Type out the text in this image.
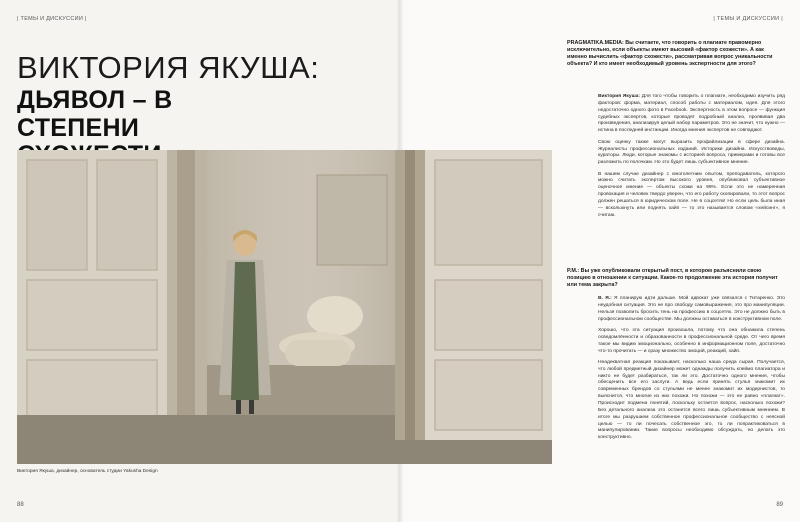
| ТЕМЫ И ДИСКУССИИ |	| ТЕМЫ И ДИСКУССИИ |
ВИКТОРИЯ ЯКУША:
ДЬЯВОЛ – В СТЕПЕНИ
Виктория Якуша, дизайнер, основатель студии Yakusha Design
88	89
PRAGMATIKA.MEDIA: Вы считаете, что говорить о плагиате правомерно исключительно, если объекты имеют высокий «фактор схожести». А как именно вычислить «фактор схожести», рассматривая вопрос уникальности объекта? И кто имеет необходимый уровень экспертности для этого?

Виктория Якуша: Для того чтобы говорить о плагиате, необходимо изучить ряд факторов: форма, материал, способ работы с материалом, идея. Для этого недостаточно одного фото в Facebook. Экспертность в этом вопросе — функция судебных экспертов, которые проводят подробный анализ, проявивая два произведения, анализируя целый набор параметров. Это не значит, что нужно — истина в последней инстанции. Иногда мнения экспертов не совпадают.

Свою оценку также могут выразить профайлизации в сфере дизайна. Журналисты профессиональных изданий. Историки дизайна. Искусствоведы, кураторы. Люди, которые знакомы с историей вопроса, примерами и готовы все разложить по полочкам. Но это будет лишь субъективное мнение.

В нашем случае дизайнер с многолетним опытом, преподаватель, которого можно считать экспертом высокого уровня, опубликовал субъективное оценочное мнение — объекты схожи на 99%. Если это не намеренная провокация и человек твердо уверен, что его работу скопировали, то этот вопрос должен решаться в юридическом поле. Не в соцсетях! Но если цель была иная — всколыхнуть или поднять хайп — то это называется словом «хейсинг», я считаю.

P.M.: Вы уже опубликовали открытый пост, в котором разъяснили свою позицию в отношении к ситуации. Какое-то продолжение эта история получит или тема закрыта?

В. Я.: Я планирую идти дальше. Мой адвокат уже связался с Титаренко. Это неудобная ситуация. Это не про свободу самовыражения, это про манипуляции. Нельзя позволить бросить тень на профессию в соцсетях. Это не должно быть в профессиональном сообществе. Мы должны оставаться в конструктивном поле.

Хорошо, что эта ситуация произошла, потому что она обнажила степень осведомлённости и образованности в профессиональной среде. От чего время такое мы видим эмоционально, особенно в информационном поле, достаточно что-то прочитать — и сразу множество эмоций, реакций, хайп.

Неадекватная реакция показывает, насколько наша среда сырая. Получается, что любой предметный дизайнер может однажды получить клеймо плагиатора и никто не будет разбираться, так ли это. Достаточно одного мнения, чтобы обесценить все его заслуги. А ведь если принять стулья знакомит их современных брендов со стульями не менее знакомит их модернистов, то выяснится, что многие из них похожи. Но похожи — это не равно «плагиат». Происходит подмена понятий, поскольку остается вопрос, насколько похожи? Без детального анализа это останется всего лишь субъективным мнением. В итоге мы разрушаем собственное профессиональное сообщество с неясной целью — то ли почесать собственное эго, то ли попрактиковаться в манипулировании. Такие вопросы необходимо обсуждать, но делать это конструктивно.
